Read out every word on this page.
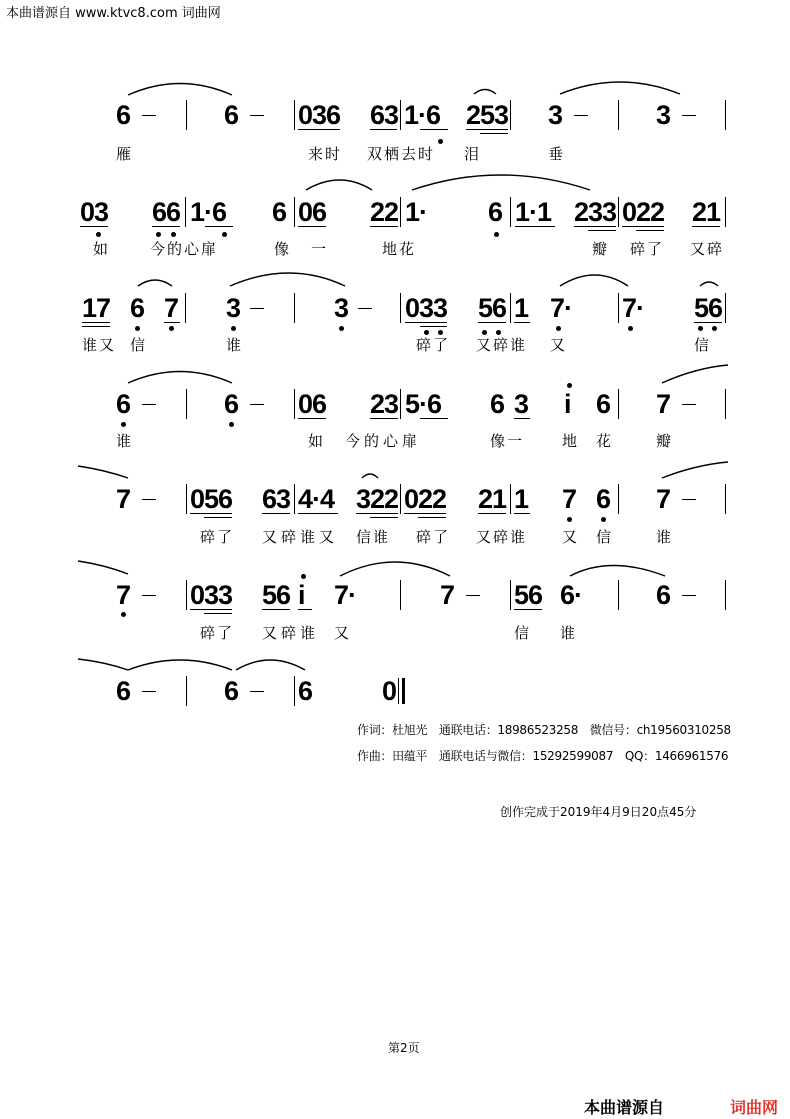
本曲谱源自 www.ktvc8.com 词曲网
6	6 036 63 1·6 253 3	3
雁	来时 双栖去时 泪	垂
03 66 1·6 6 06 22 1· 6 1·1 233 022 21
如	今的心扉	像一 地花	瓣 碎了 又碎
17 6 7 3	3 033 56 1 7· 7· 56
谁又 信	谁	碎了 又碎谁 又	信
6	6 06 23 5·6 6 3 i 6 7
谁	如 今的心扉	像一	地 花	瓣
7 056 63 4·4 322 022 21 1 7 6 7
碎了 又碎谁又 信谁 碎了 又碎谁 又 信	谁
7 033 56 i 7·	7 56 6·	6
碎了 又碎谁 又	信 谁
6	6 6	0
作词：杜旭光　通联电话：18986523258　微信号：ch19560310258
作曲：田蕴平　通联电话与微信：15292599087　QQ：1466961576
创作完成于2019年4月9日20点45分
第2页
本曲谱源自	词曲网
